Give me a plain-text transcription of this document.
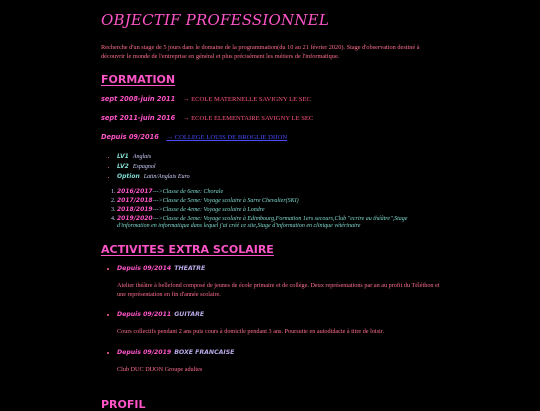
OBJECTIF PROFESSIONNEL
Recherche d'un stage de 5 jours dans le domaine de la programmation(du 10 au 21 février 2020). Stage d'observation destiné à découvrir le monde de l'entreprise en général et plus précisément les métiers de l'informatique.
FORMATION
sept 2008-juin 2011 → ECOLE MATERNELLE SAVIGNY LE SEC
sept 2011-juin 2016 → ECOLE ELEMENTAIRE SAVIGNY LE SEC
Depuis 09/2016 → COLLEGE LOUIS DE BROGLIE DIJON
• LV1 Anglais
• LV2 Espagnol
• Option Latin/Anglais Euro
1. 2016/2017--->Classe de 6eme: Chorale
2. 2017/2018--->Classe de 5eme: Voyage scolaire à Sarre Chevalier(SKI)
3. 2018/2019--->Classe de 4eme: Voyage scolaire à Londre
4. 2019/2020--->Classe de 3eme: Voyage scolaire à Edimbourg,Formation 1ers secours,Club "ecrire au théâtre",Stage d'information en informatique dans lequel j'ai créé ce site,Stage d'information en clinique vétérinaire
ACTIVITES EXTRA SCOLAIRE
• Depuis 09/2014 THEATRE
Atelier théâtre à bellefond composé de jeunes de école primaire et de collège. Deux représentations par an au profit du Téléthon et une représentation en fin d'année scolaire.
• Depuis 09/2011 GUITARE
Cours collectifs pendant 2 ans puis cours à domicile pendant 3 ans. Poursuite en autodidacte à titre de loisir.
• Depuis 09/2019 BOXE FRANCAISE
Club DUC DIJON Groupe adultes
PROFIL
